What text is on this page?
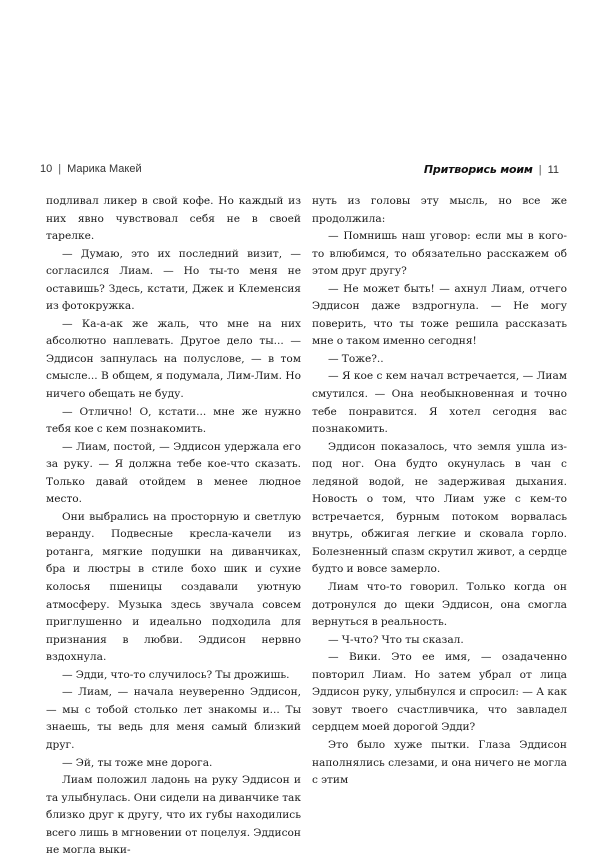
10 | Марика Макей	Притворись моим | 11

подливал ликер в свой кофе. Но каждый из них явно чувствовал себя не в своей тарелке.

— Думаю, это их последний визит, — согласился Лиам. — Но ты-то меня не оставишь? Здесь, кстати, Джек и Клеменсия из фотокружка.

— Ка-а-ак же жаль, что мне на них абсолютно наплевать. Другое дело ты... — Эддисон запнулась на полуслове, — в том смысле... В общем, я подумала, Лим-Лим. Но ничего обещать не буду.

— Отлично! О, кстати... мне же нужно тебя кое с кем познакомить.

— Лиам, постой, — Эддисон удержала его за руку. — Я должна тебе кое-что сказать. Только давай отойдем в менее людное место.

Они выбрались на просторную и светлую веранду. Подвесные кресла-качели из ротанга, мягкие подушки на диванчиках, бра и люстры в стиле бохо шик и сухие колосья пшеницы создавали уютную атмосферу. Музыка здесь звучала совсем приглушенно и идеально подходила для признания в любви. Эддисон нервно вздохнула.

— Эдди, что-то случилось? Ты дрожишь.

— Лиам, — начала неуверенно Эддисон, — мы с тобой столько лет знакомы и... Ты знаешь, ты ведь для меня самый близкий друг.

— Эй, ты тоже мне дорога.

Лиам положил ладонь на руку Эддисон и та улыбнулась. Они сидели на диванчике так близко друг к другу, что их губы находились всего лишь в мгновении от поцелуя. Эддисон не могла выки-

нуть из головы эту мысль, но все же продолжила:

— Помнишь наш уговор: если мы в кого-то влюбимся, то обязательно расскажем об этом друг другу?

— Не может быть! — ахнул Лиам, отчего Эддисон даже вздрогнула. — Не могу поверить, что ты тоже решила рассказать мне о таком именно сегодня!

— Тоже?..

— Я кое с кем начал встречается, — Лиам смутился. — Она необыкновенная и точно тебе понравится. Я хотел сегодня вас познакомить.

Эддисон показалось, что земля ушла из-под ног. Она будто окунулась в чан с ледяной водой, не задерживая дыхания. Новость о том, что Лиам уже с кем-то встречается, бурным потоком ворвалась внутрь, обжигая легкие и сковала горло. Болезненный спазм скрутил живот, а сердце будто и вовсе замерло.

Лиам что-то говорил. Только когда он дотронулся до щеки Эддисон, она смогла вернуться в реальность.

— Ч-что? Что ты сказал.

— Вики. Это ее имя, — озадаченно повторил Лиам. Но затем убрал от лица Эддисон руку, улыбнулся и спросил: — А как зовут твоего счастливчика, что завладел сердцем моей дорогой Эдди?

Это было хуже пытки. Глаза Эддисон наполнялись слезами, и она ничего не могла с этим
